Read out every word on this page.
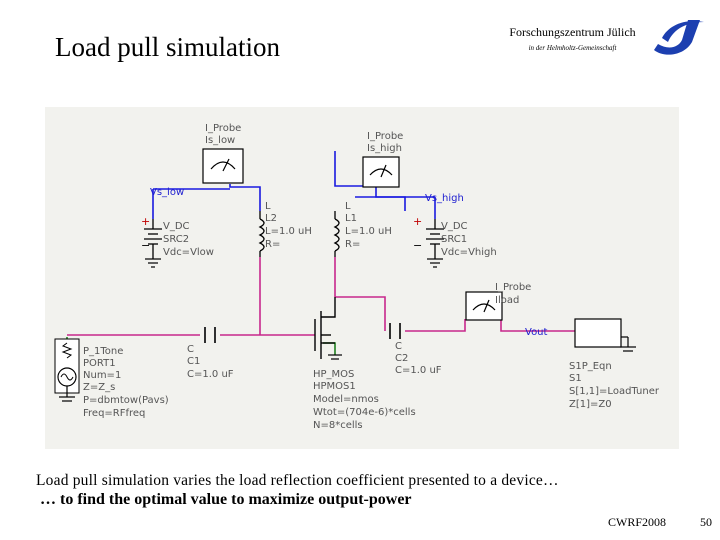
Load pull simulation	Forschungszentrum Jülich
in der Helmholtz-Gemeinschaft
+
−
+
−
I_Probe
Is_low	I_Probe
Is_high
I_Probe
Iload
L
L2
L=1.0 uH
R=
L
L1
L=1.0 uH
R=
V_DC
SRC2
Vdc=Vlow
V_DC
SRC1
Vdc=Vhigh
C
C1
C=1.0 uF
C
C2
C=1.0 uF
P_1Tone
PORT1
Num=1
Z=Z_s
P=dbmtow(Pavs)
Freq=RFfreq
HP_MOS
HPMOS1
Model=nmos
Wtot=(704e-6)*cells
N=8*cells
S1P_Eqn
S1
S[1,1]=LoadTuner
Z[1]=Z0
Vs_low
Vs_high
Vout
Load pull simulation varies the load reflection coefficient presented to a device…
… to find the optimal value to maximize output-power
CWRF2008	50
